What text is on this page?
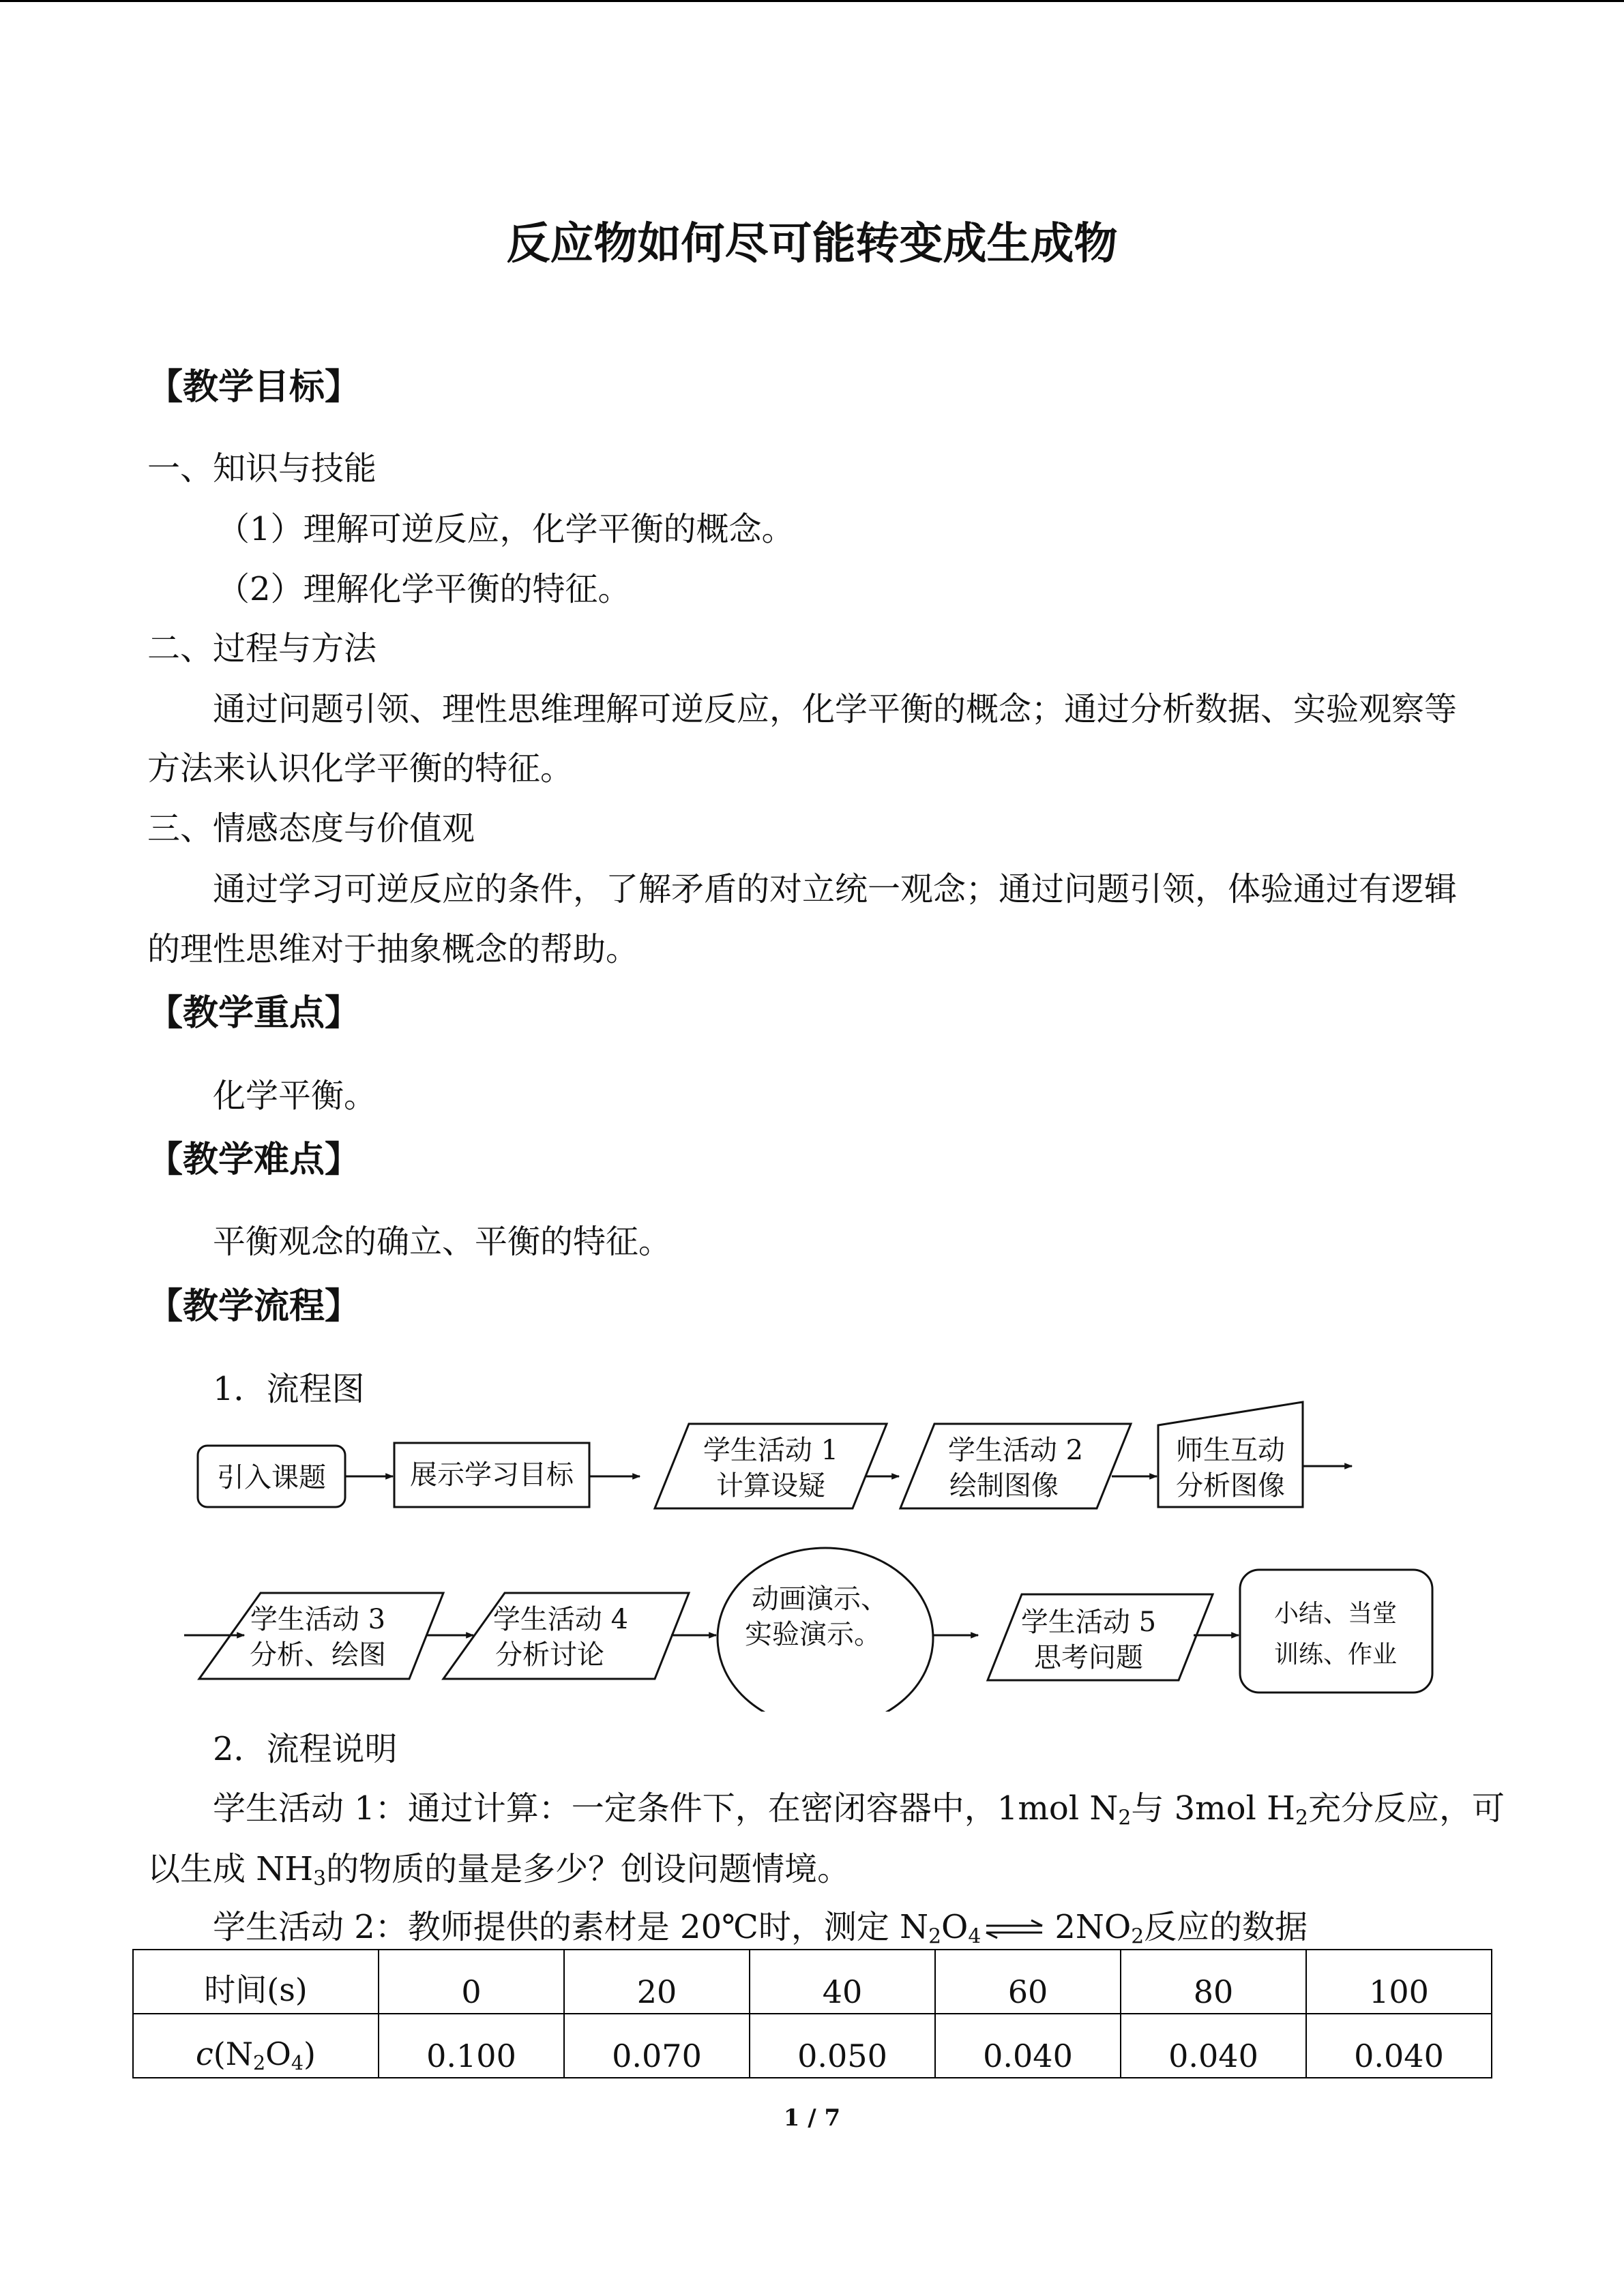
反应物如何尽可能转变成生成物
【教学目标】
一、知识与技能
（1）理解可逆反应，化学平衡的概念。
（2）理解化学平衡的特征。
二、过程与方法
通过问题引领、理性思维理解可逆反应，化学平衡的概念；通过分析数据、实验观察等
方法来认识化学平衡的特征。
三、情感态度与价值观
通过学习可逆反应的条件，了解矛盾的对立统一观念；通过问题引领，体验通过有逻辑
的理性思维对于抽象概念的帮助。
【教学重点】
化学平衡。
【教学难点】
平衡观念的确立、平衡的特征。
【教学流程】
1．流程图
引入课题	展示学习目标
学生活动 1
计算设疑
学生活动 2
绘制图像
师生互动
分析图像
学生活动 3
分析、绘图
学生活动 4
分析讨论
动画演示、
实验演示。	学生活动 5
思考问题
小结、当堂
训练、作业
2．流程说明
学生活动 1：通过计算：一定条件下，在密闭容器中，1mol $N_2$与 3mol $H_2$充分反应，可
以生成 $NH_3$的物质的量是多少？创设问题情境。
学生活动 2：教师提供的素材是 20℃时，测定 $N_2O_4$ ⇌ $2NO_2$反应的数据
时间(s)	0	20	40	60	80	100
$c(N_2O_4)$	0.100	0.070	0.050	0.040	0.040	0.040
1 / 7
